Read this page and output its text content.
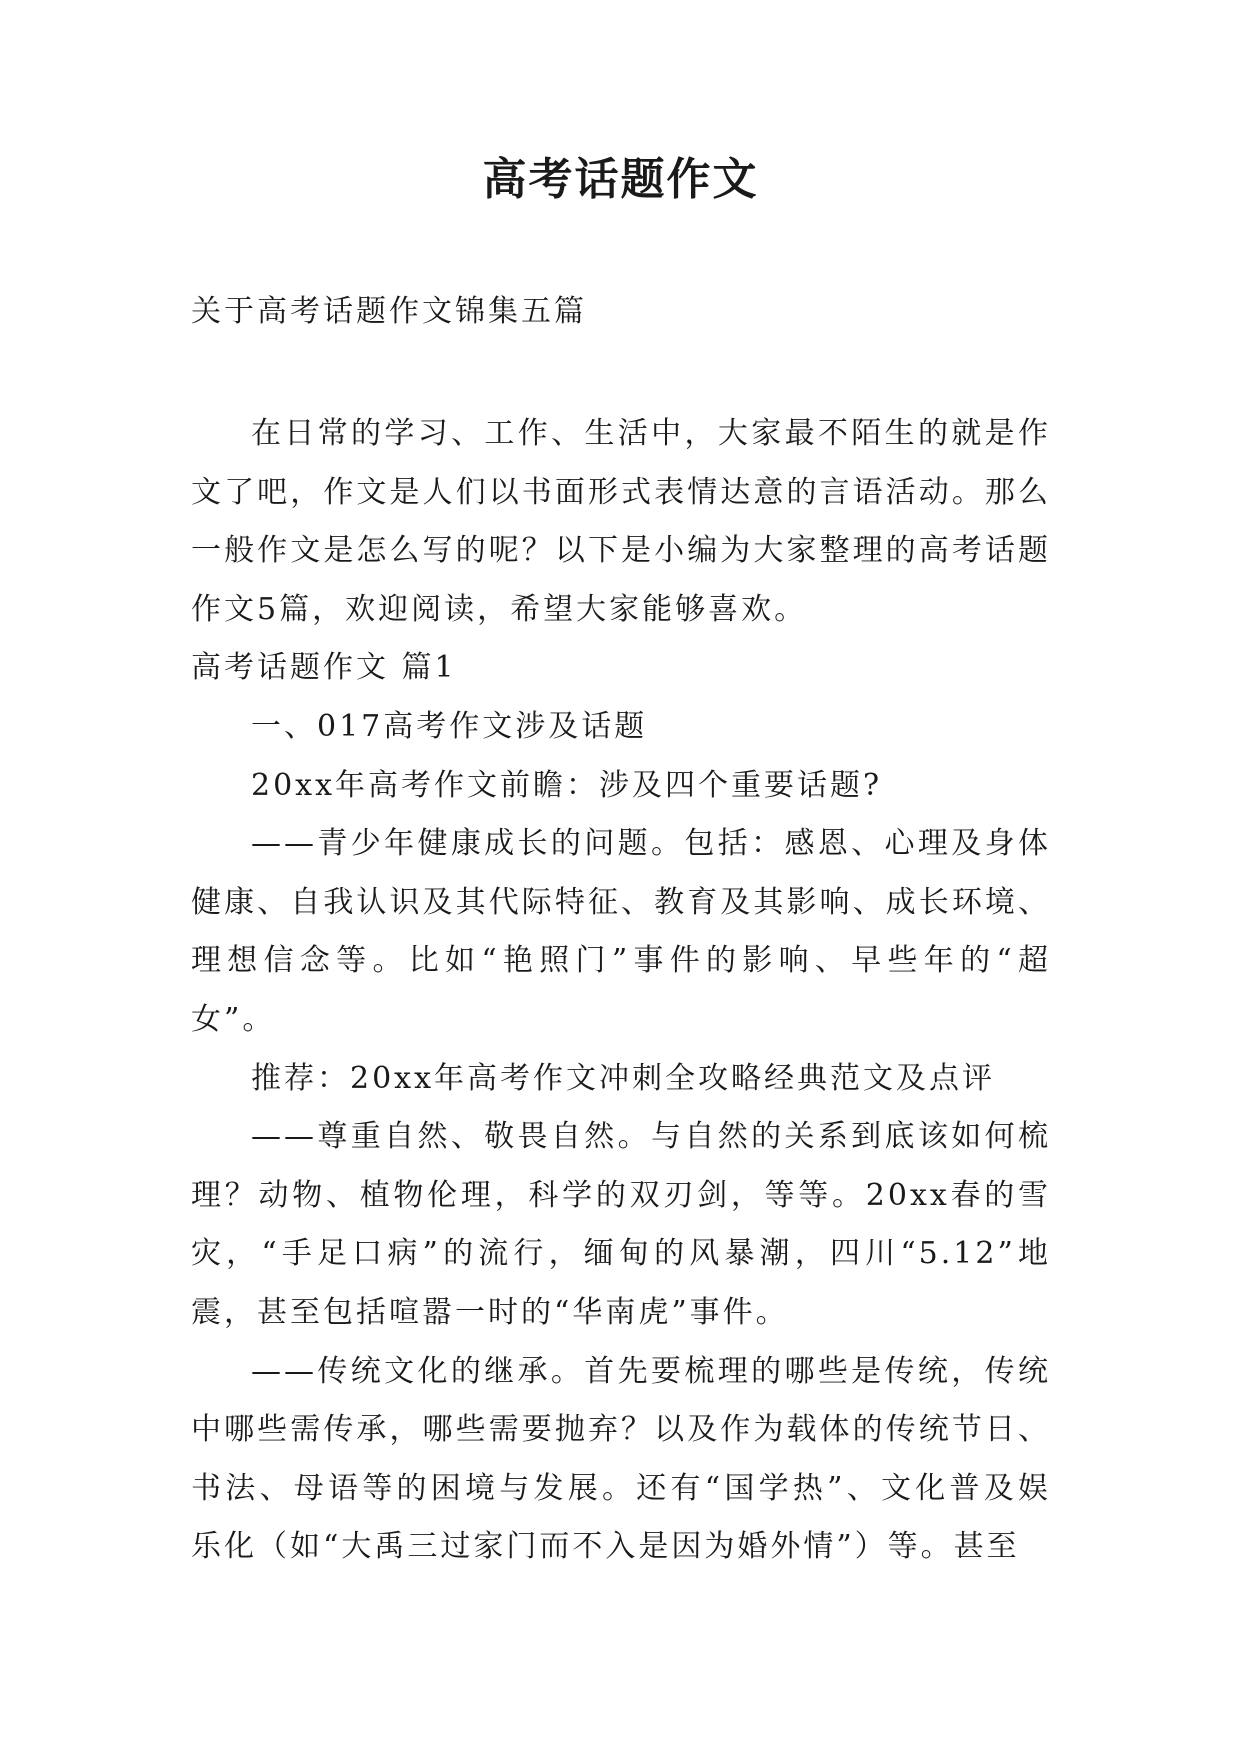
高考话题作文

关于高考话题作文锦集五篇

在日常的学习、工作、生活中，大家最不陌生的就是作文了吧，作文是人们以书面形式表情达意的言语活动。那么一般作文是怎么写的呢？以下是小编为大家整理的高考话题作文5篇，欢迎阅读，希望大家能够喜欢。

高考话题作文 篇1

一、017高考作文涉及话题

20xx年高考作文前瞻：涉及四个重要话题?

——青少年健康成长的问题。包括：感恩、心理及身体健康、自我认识及其代际特征、教育及其影响、成长环境、理想信念等。比如“艳照门”事件的影响、早些年的“超女”。

推荐：20xx年高考作文冲刺全攻略经典范文及点评

——尊重自然、敬畏自然。与自然的关系到底该如何梳理？动物、植物伦理，科学的双刃剑，等等。20xx春的雪灾，“手足口病”的流行，缅甸的风暴潮，四川“5.12”地震，甚至包括喧嚣一时的“华南虎”事件。

——传统文化的继承。首先要梳理的哪些是传统，传统中哪些需传承，哪些需要抛弃？以及作为载体的传统节日、书法、母语等的困境与发展。还有“国学热”、文化普及娱乐化（如“大禹三过家门而不入是因为婚外情”）等。甚至
